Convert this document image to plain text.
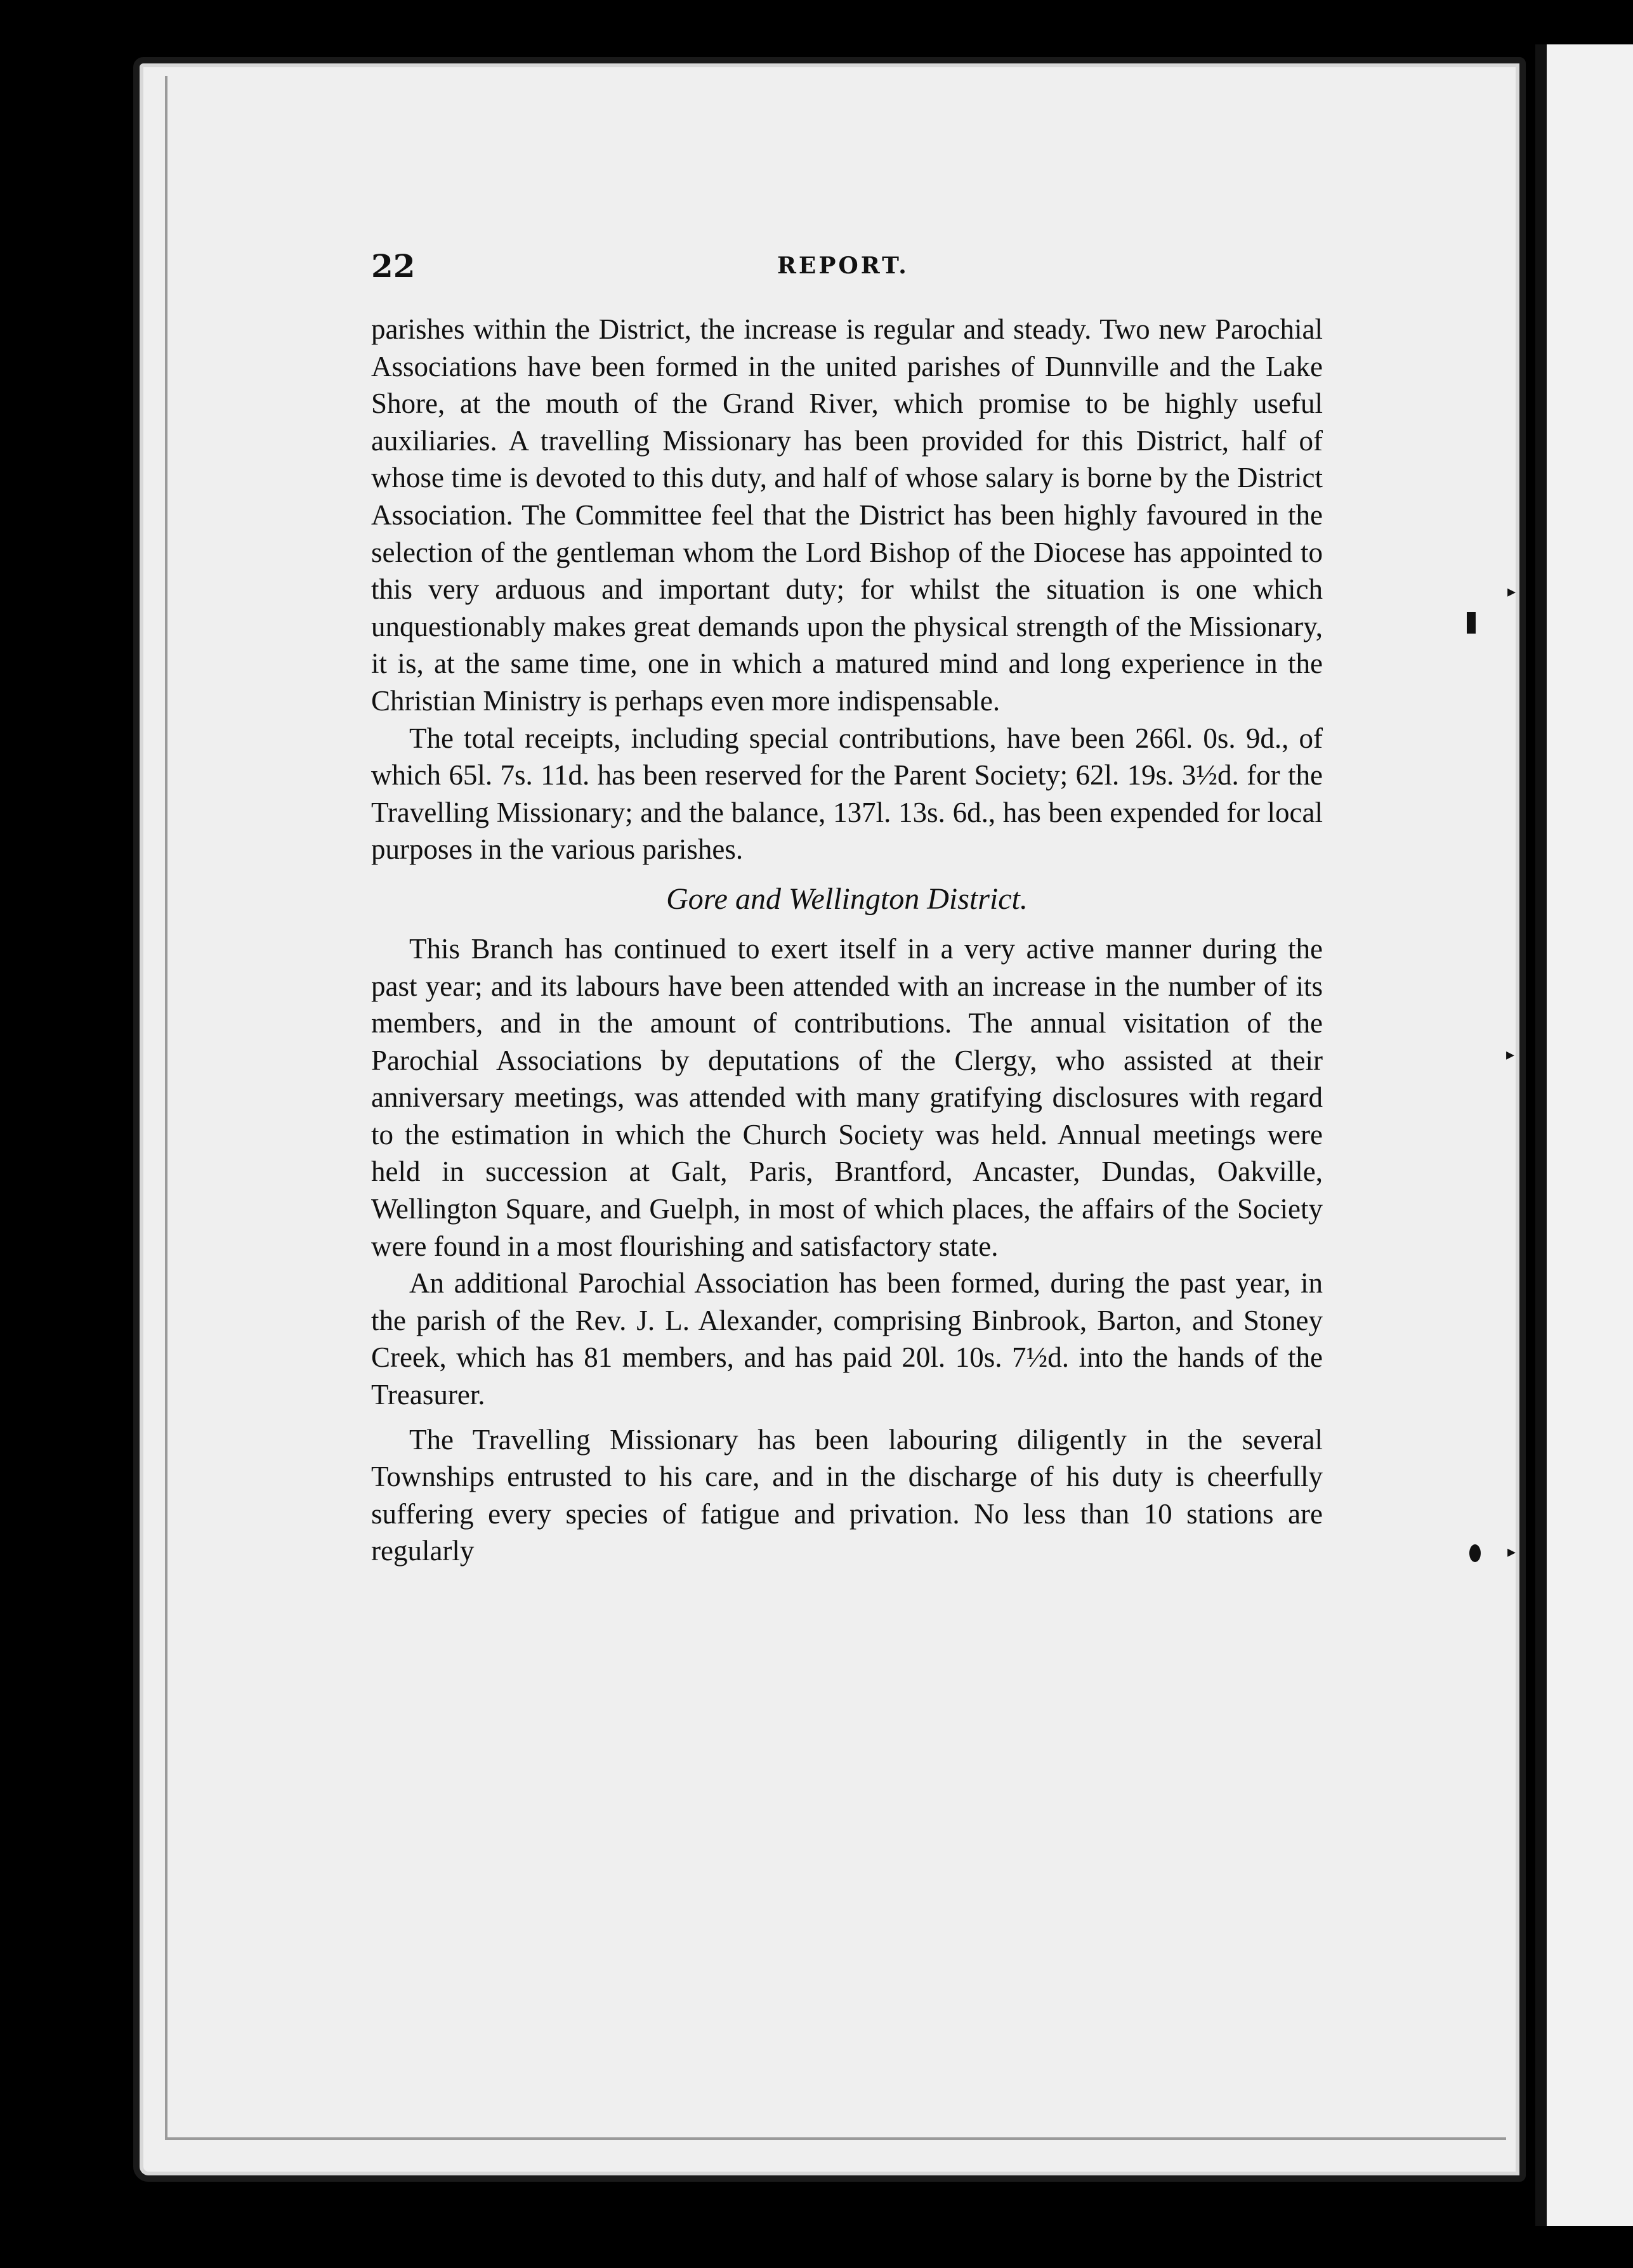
22	REPORT.

parishes within the District, the increase is regular and steady. Two new Parochial Associations have been formed in the united parishes of Dunnville and the Lake Shore, at the mouth of the Grand River, which promise to be highly useful auxiliaries. A travelling Missionary has been provided for this District, half of whose time is devoted to this duty, and half of whose salary is borne by the District Association. The Committee feel that the District has been highly favoured in the selection of the gentleman whom the Lord Bishop of the Diocese has appointed to this very arduous and important duty; for whilst the situation is one which unquestionably makes great demands upon the physical strength of the Missionary, it is, at the same time, one in which a matured mind and long experience in the Christian Ministry is perhaps even more indispensable.

The total receipts, including special contributions, have been 266l. 0s. 9d., of which 65l. 7s. 11d. has been reserved for the Parent Society; 62l. 19s. 3½d. for the Travelling Missionary; and the balance, 137l. 13s. 6d., has been expended for local purposes in the various parishes.

Gore and Wellington District.

This Branch has continued to exert itself in a very active manner during the past year; and its labours have been attended with an increase in the number of its members, and in the amount of contributions. The annual visitation of the Parochial Associations by deputations of the Clergy, who assisted at their anniversary meetings, was attended with many gratifying disclosures with regard to the estimation in which the Church Society was held. Annual meetings were held in succession at Galt, Paris, Brantford, Ancaster, Dundas, Oakville, Wellington Square, and Guelph, in most of which places, the affairs of the Society were found in a most flourishing and satisfactory state.

An additional Parochial Association has been formed, during the past year, in the parish of the Rev. J. L. Alexander, comprising Binbrook, Barton, and Stoney Creek, which has 81 members, and has paid 20l. 10s. 7½d. into the hands of the Treasurer.

The Travelling Missionary has been labouring diligently in the several Townships entrusted to his care, and in the discharge of his duty is cheerfully suffering every species of fatigue and privation. No less than 10 stations are regularly

▸
▸
▸
